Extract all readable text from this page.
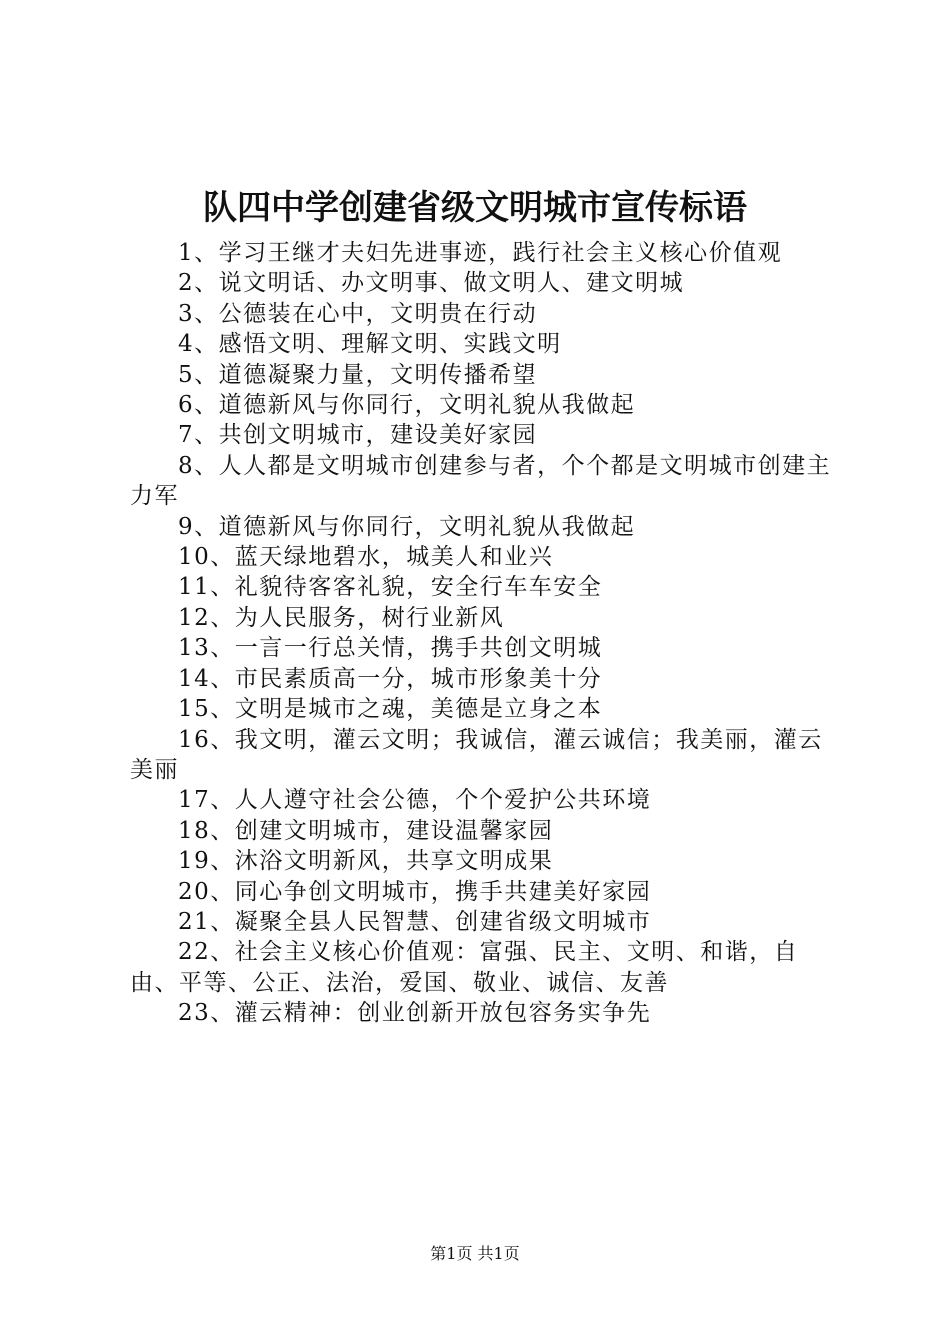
队四中学创建省级文明城市宣传标语
1、学习王继才夫妇先进事迹，践行社会主义核心价值观
2、说文明话、办文明事、做文明人、建文明城
3、公德装在心中，文明贵在行动
4、感悟文明、理解文明、实践文明
5、道德凝聚力量，文明传播希望
6、道德新风与你同行，文明礼貌从我做起
7、共创文明城市，建设美好家园
8、人人都是文明城市创建参与者，个个都是文明城市创建主力军
9、道德新风与你同行，文明礼貌从我做起
10、蓝天绿地碧水，城美人和业兴
11、礼貌待客客礼貌，安全行车车安全
12、为人民服务，树行业新风
13、一言一行总关情，携手共创文明城
14、市民素质高一分，城市形象美十分
15、文明是城市之魂，美德是立身之本
16、我文明，灌云文明；我诚信，灌云诚信；我美丽，灌云美丽
17、人人遵守社会公德，个个爱护公共环境
18、创建文明城市，建设温馨家园
19、沐浴文明新风，共享文明成果
20、同心争创文明城市，携手共建美好家园
21、凝聚全县人民智慧、创建省级文明城市
22、社会主义核心价值观：富强、民主、文明、和谐，自由、平等、公正、法治，爱国、敬业、诚信、友善
23、灌云精神：创业创新开放包容务实争先
第1页 共1页
